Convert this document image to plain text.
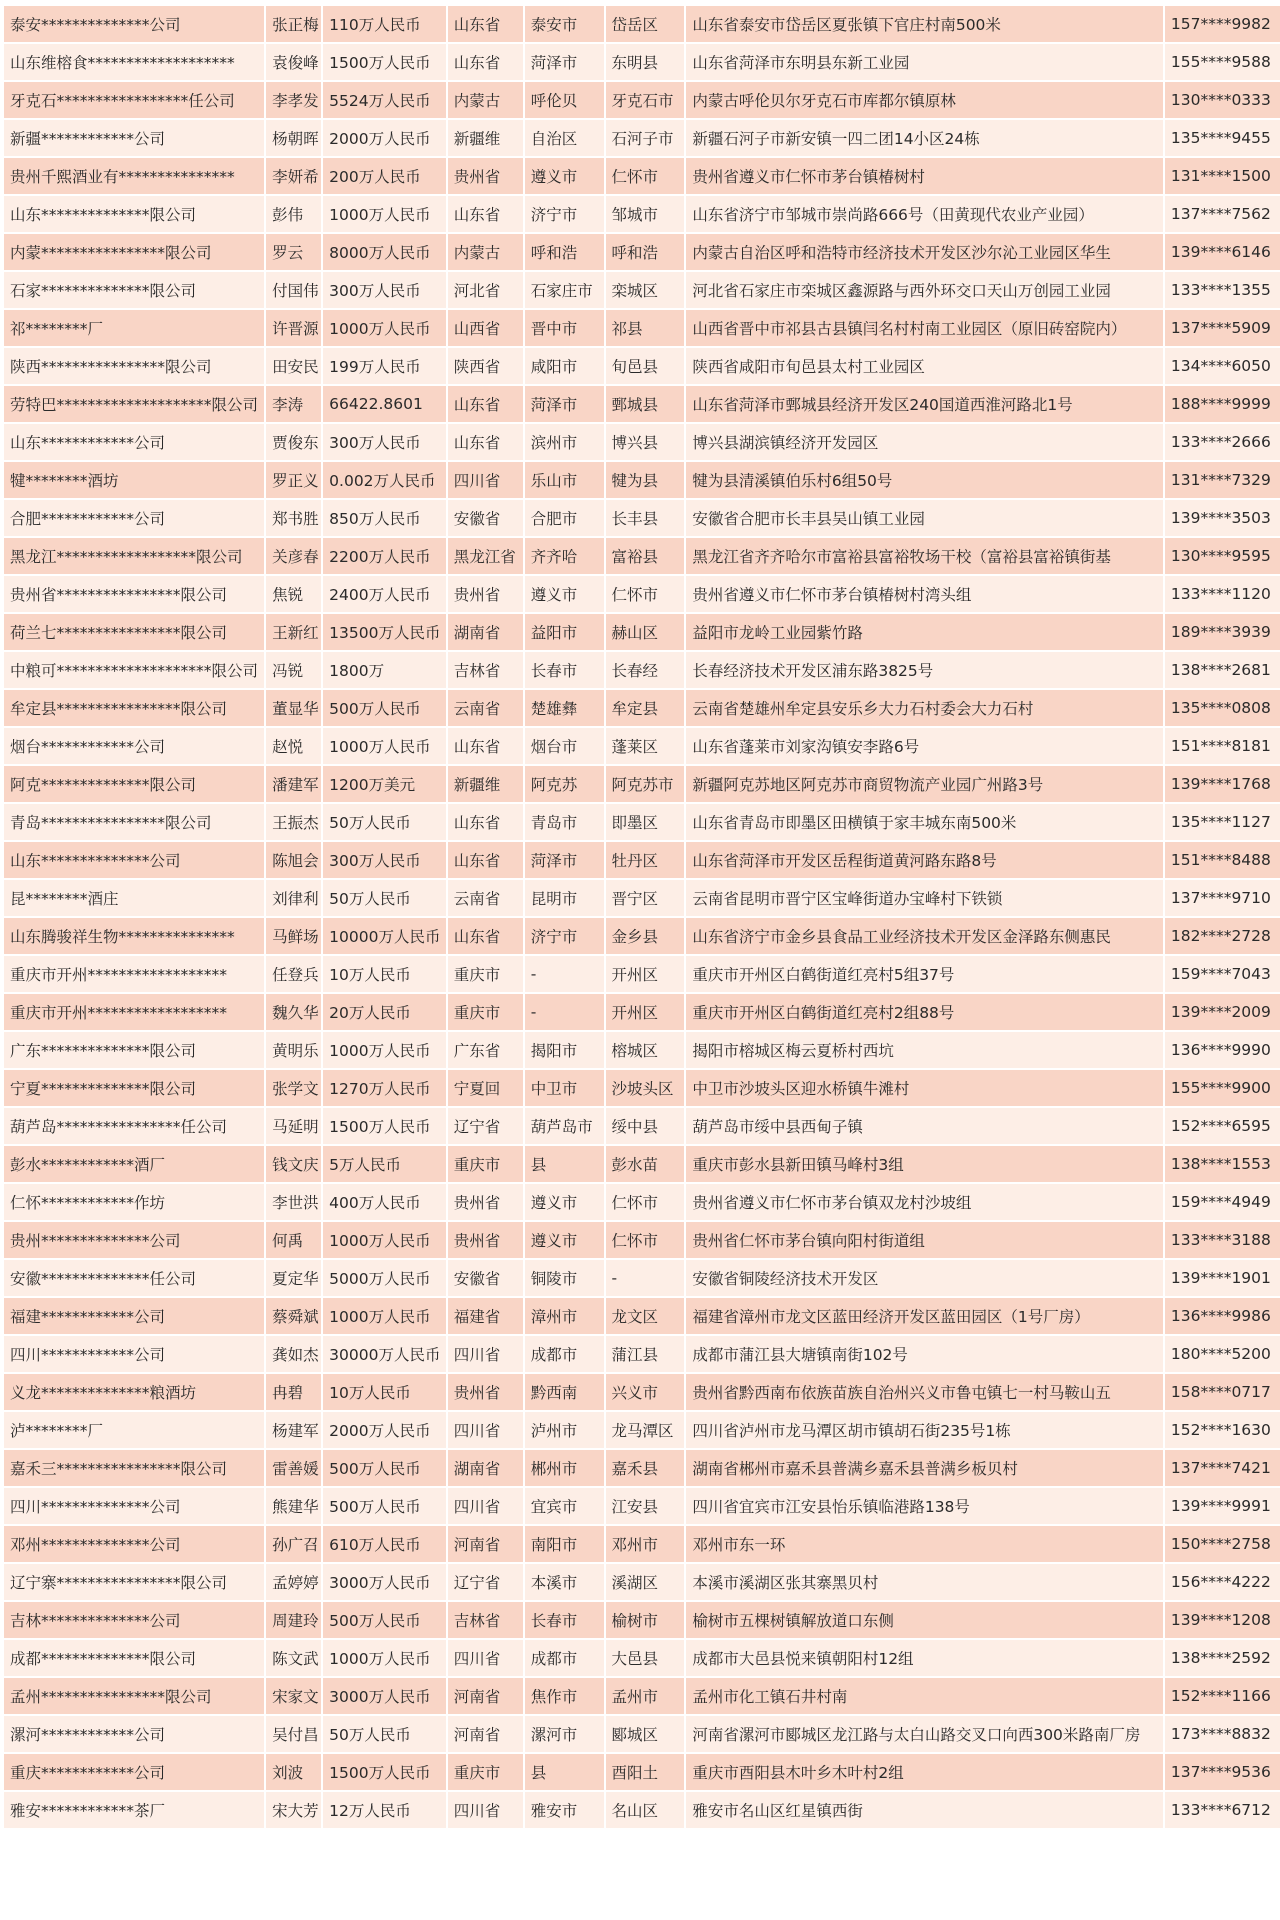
泰安**************公司	张正梅	110万人民币	山东省	泰安市	岱岳区	山东省泰安市岱岳区夏张镇下官庄村南500米	157****9982
山东维榕食*******************	袁俊峰	1500万人民币	山东省	菏泽市	东明县	山东省菏泽市东明县东新工业园	155****9588
牙克石*****************任公司	李孝发	5524万人民币	内蒙古	呼伦贝	牙克石市	内蒙古呼伦贝尔牙克石市库都尔镇原林	130****0333
新疆************公司	杨朝晖	2000万人民币	新疆维	自治区	石河子市	新疆石河子市新安镇一四二团14小区24栋	135****9455
贵州千熙酒业有***************	李妍希	200万人民币	贵州省	遵义市	仁怀市	贵州省遵义市仁怀市茅台镇椿树村	131****1500
山东**************限公司	彭伟	1000万人民币	山东省	济宁市	邹城市	山东省济宁市邹城市崇尚路666号（田黄现代农业产业园）	137****7562
内蒙****************限公司	罗云	8000万人民币	内蒙古	呼和浩	呼和浩	内蒙古自治区呼和浩特市经济技术开发区沙尔沁工业园区华生	139****6146
石家**************限公司	付国伟	300万人民币	河北省	石家庄市	栾城区	河北省石家庄市栾城区鑫源路与西外环交口天山万创园工业园	133****1355
祁********厂	许晋源	1000万人民币	山西省	晋中市	祁县	山西省晋中市祁县古县镇闫名村村南工业园区（原旧砖窑院内）	137****5909
陕西****************限公司	田安民	199万人民币	陕西省	咸阳市	旬邑县	陕西省咸阳市旬邑县太村工业园区	134****6050
劳特巴********************限公司	李涛	66422.8601	山东省	菏泽市	鄄城县	山东省菏泽市鄄城县经济开发区240国道西淮河路北1号	188****9999
山东************公司	贾俊东	300万人民币	山东省	滨州市	博兴县	博兴县湖滨镇经济开发园区	133****2666
犍********酒坊	罗正义	0.002万人民币	四川省	乐山市	犍为县	犍为县清溪镇伯乐村6组50号	131****7329
合肥************公司	郑书胜	850万人民币	安徽省	合肥市	长丰县	安徽省合肥市长丰县吴山镇工业园	139****3503
黑龙江******************限公司	关彦春	2200万人民币	黑龙江省	齐齐哈	富裕县	黑龙江省齐齐哈尔市富裕县富裕牧场干校（富裕县富裕镇街基	130****9595
贵州省****************限公司	焦锐	2400万人民币	贵州省	遵义市	仁怀市	贵州省遵义市仁怀市茅台镇椿树村湾头组	133****1120
荷兰七****************限公司	王新红	13500万人民币	湖南省	益阳市	赫山区	益阳市龙岭工业园紫竹路	189****3939
中粮可********************限公司	冯锐	1800万	吉林省	长春市	长春经	长春经济技术开发区浦东路3825号	138****2681
牟定县****************限公司	董显华	500万人民币	云南省	楚雄彝	牟定县	云南省楚雄州牟定县安乐乡大力石村委会大力石村	135****0808
烟台************公司	赵悦	1000万人民币	山东省	烟台市	蓬莱区	山东省蓬莱市刘家沟镇安李路6号	151****8181
阿克**************限公司	潘建军	1200万美元	新疆维	阿克苏	阿克苏市	新疆阿克苏地区阿克苏市商贸物流产业园广州路3号	139****1768
青岛****************限公司	王振杰	50万人民币	山东省	青岛市	即墨区	山东省青岛市即墨区田横镇于家丰城东南500米	135****1127
山东**************公司	陈旭会	300万人民币	山东省	菏泽市	牡丹区	山东省菏泽市开发区岳程街道黄河路东路8号	151****8488
昆********酒庄	刘律利	50万人民币	云南省	昆明市	晋宁区	云南省昆明市晋宁区宝峰街道办宝峰村下铁锁	137****9710
山东腾骏祥生物***************	马鲜场	10000万人民币	山东省	济宁市	金乡县	山东省济宁市金乡县食品工业经济技术开发区金泽路东侧惠民	182****2728
重庆市开州******************	任登兵	10万人民币	重庆市	-	开州区	重庆市开州区白鹤街道红亮村5组37号	159****7043
重庆市开州******************	魏久华	20万人民币	重庆市	-	开州区	重庆市开州区白鹤街道红亮村2组88号	139****2009
广东**************限公司	黄明乐	1000万人民币	广东省	揭阳市	榕城区	揭阳市榕城区梅云夏桥村西坑	136****9990
宁夏**************限公司	张学文	1270万人民币	宁夏回	中卫市	沙坡头区	中卫市沙坡头区迎水桥镇牛滩村	155****9900
葫芦岛****************任公司	马延明	1500万人民币	辽宁省	葫芦岛市	绥中县	葫芦岛市绥中县西甸子镇	152****6595
彭水************酒厂	钱文庆	5万人民币	重庆市	县	彭水苗	重庆市彭水县新田镇马峰村3组	138****1553
仁怀************作坊	李世洪	400万人民币	贵州省	遵义市	仁怀市	贵州省遵义市仁怀市茅台镇双龙村沙坡组	159****4949
贵州**************公司	何禹	1000万人民币	贵州省	遵义市	仁怀市	贵州省仁怀市茅台镇向阳村街道组	133****3188
安徽**************任公司	夏定华	5000万人民币	安徽省	铜陵市	-	安徽省铜陵经济技术开发区	139****1901
福建************公司	蔡舜斌	1000万人民币	福建省	漳州市	龙文区	福建省漳州市龙文区蓝田经济开发区蓝田园区（1号厂房）	136****9986
四川************公司	龚如杰	30000万人民币	四川省	成都市	蒲江县	成都市蒲江县大塘镇南街102号	180****5200
义龙**************粮酒坊	冉碧	10万人民币	贵州省	黔西南	兴义市	贵州省黔西南布依族苗族自治州兴义市鲁屯镇七一村马鞍山五	158****0717
泸********厂	杨建军	2000万人民币	四川省	泸州市	龙马潭区	四川省泸州市龙马潭区胡市镇胡石街235号1栋	152****1630
嘉禾三****************限公司	雷善媛	500万人民币	湖南省	郴州市	嘉禾县	湖南省郴州市嘉禾县普满乡嘉禾县普满乡板贝村	137****7421
四川**************公司	熊建华	500万人民币	四川省	宜宾市	江安县	四川省宜宾市江安县怡乐镇临港路138号	139****9991
邓州**************公司	孙广召	610万人民币	河南省	南阳市	邓州市	邓州市东一环	150****2758
辽宁寨****************限公司	孟婷婷	3000万人民币	辽宁省	本溪市	溪湖区	本溪市溪湖区张其寨黑贝村	156****4222
吉林**************公司	周建玲	500万人民币	吉林省	长春市	榆树市	榆树市五棵树镇解放道口东侧	139****1208
成都**************限公司	陈文武	1000万人民币	四川省	成都市	大邑县	成都市大邑县悦来镇朝阳村12组	138****2592
孟州****************限公司	宋家文	3000万人民币	河南省	焦作市	孟州市	孟州市化工镇石井村南	152****1166
漯河************公司	吴付昌	50万人民币	河南省	漯河市	郾城区	河南省漯河市郾城区龙江路与太白山路交叉口向西300米路南厂房	173****8832
重庆************公司	刘波	1500万人民币	重庆市	县	酉阳土	重庆市酉阳县木叶乡木叶村2组	137****9536
雅安************茶厂	宋大芳	12万人民币	四川省	雅安市	名山区	雅安市名山区红星镇西街	133****6712
